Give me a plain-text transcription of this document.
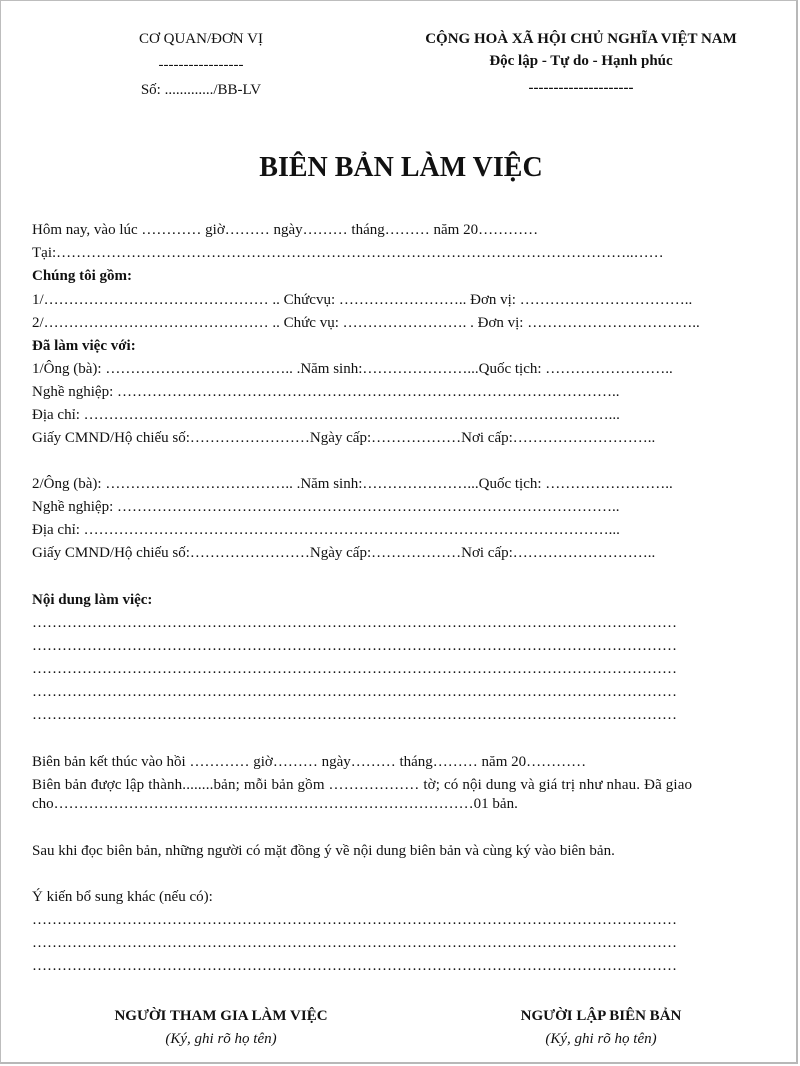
CƠ QUAN/ĐƠN VỊ
-----------------
Số: ............./BB-LV
CỘNG HOÀ XÃ HỘI CHỦ NGHĨA VIỆT NAM
Độc lập - Tự do - Hạnh phúc
---------------------
BIÊN BẢN LÀM VIỆC
Hôm nay, vào lúc ………… giờ……… ngày……… tháng……… năm 20…………
Tại:……………………………………………………………………………………………………..……
Chúng tôi gồm:
1/……………………………………… .. Chứcvụ: …………………….. Đơn vị: ……………………………..
2/……………………………………… .. Chức vụ: ……………………. . Đơn vị: ……………………………..
Đã làm việc với:
1/Ông (bà): ……………………………….. .Năm sinh:…………………...Quốc tịch: ……………………..
Nghề nghiệp: ………………………………………………………………………………………..
Địa chỉ: ……………………………………………………………………………………………...
Giấy CMND/Hộ chiếu số:……………………Ngày cấp:………………Nơi cấp:………………………..
2/Ông (bà): ……………………………….. .Năm sinh:…………………...Quốc tịch: ……………………..
Nghề nghiệp: ………………………………………………………………………………………..
Địa chỉ: ……………………………………………………………………………………………...
Giấy CMND/Hộ chiếu số:……………………Ngày cấp:………………Nơi cấp:………………………..
Nội dung làm việc:
…………………………………………………………………………………………………………………
…………………………………………………………………………………………………………………
…………………………………………………………………………………………………………………
…………………………………………………………………………………………………………………
…………………………………………………………………………………………………………………
Biên bản kết thúc vào hồi ………… giờ……… ngày……… tháng……… năm 20…………
Biên bản được lập thành........bản; mỗi bản gồm ……………… tờ; có nội dung và giá trị như nhau. Đã giao
cho…………………………………………………………………………01 bản.
Sau khi đọc biên bản, những người có mặt đồng ý về nội dung biên bản và cùng ký vào biên bản.
Ý kiến bổ sung khác (nếu có):
…………………………………………………………………………………………………………………
…………………………………………………………………………………………………………………
…………………………………………………………………………………………………………………
NGƯỜI THAM GIA LÀM VIỆC
(Ký, ghi rõ họ tên)
NGƯỜI LẬP BIÊN BẢN
(Ký, ghi rõ họ tên)
